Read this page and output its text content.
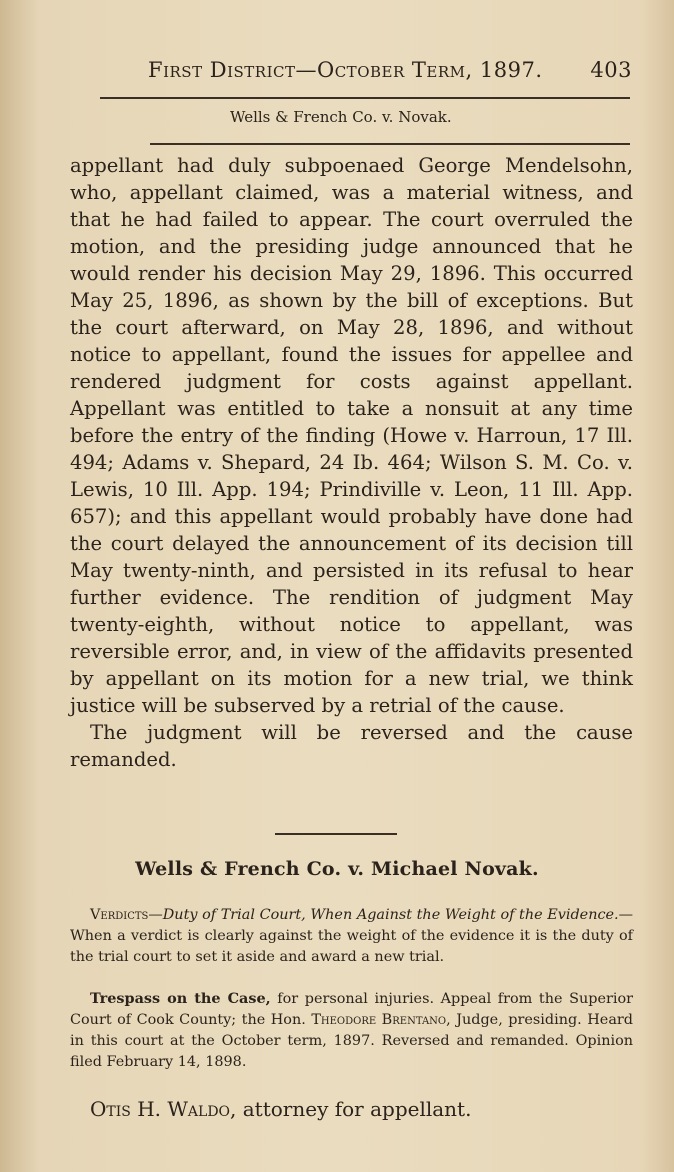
First District—October Term, 1897. 403
Wells & French Co. v. Novak.

appellant had duly subpoenaed George Mendelsohn, who, appellant claimed, was a material witness, and that he had failed to appear. The court overruled the motion, and the presiding judge announced that he would render his decision May 29, 1896. This occurred May 25, 1896, as shown by the bill of exceptions. But the court afterward, on May 28, 1896, and without notice to appellant, found the issues for appellee and rendered judgment for costs against appellant. Appellant was entitled to take a nonsuit at any time before the entry of the finding (Howe v. Harroun, 17 Ill. 494; Adams v. Shepard, 24 Ib. 464; Wilson S. M. Co. v. Lewis, 10 Ill. App. 194; Prindiville v. Leon, 11 Ill. App. 657); and this appellant would probably have done had the court delayed the announcement of its decision till May twenty-ninth, and persisted in its refusal to hear further evidence. The rendition of judgment May twenty-eighth, without notice to appellant, was reversible error, and, in view of the affidavits presented by appellant on its motion for a new trial, we think justice will be subserved by a retrial of the cause.

The judgment will be reversed and the cause remanded.

Wells & French Co. v. Michael Novak.
Verdicts—Duty of Trial Court, When Against the Weight of the Evidence.—When a verdict is clearly against the weight of the evidence it is the duty of the trial court to set it aside and award a new trial.
Trespass on the Case, for personal injuries. Appeal from the Superior Court of Cook County; the Hon. Theodore Brentano, Judge, presiding. Heard in this court at the October term, 1897. Reversed and remanded. Opinion filed February 14, 1898.
Otis H. Waldo, attorney for appellant.
